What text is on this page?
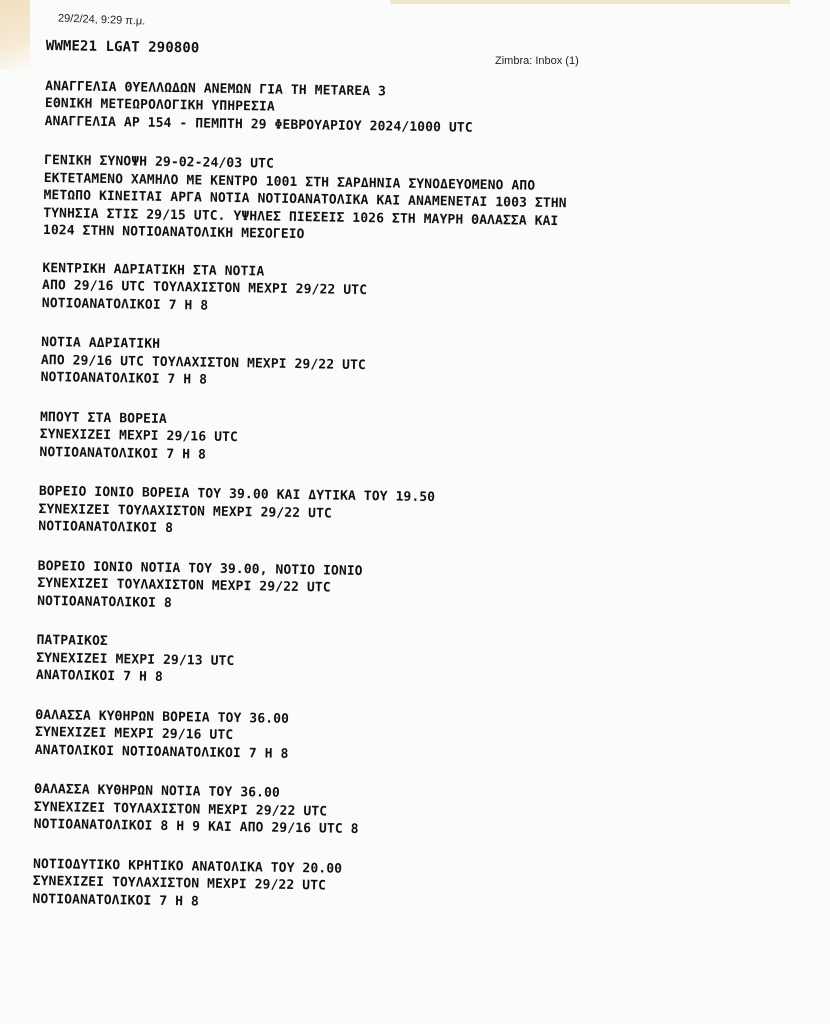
29/2/24, 9:29 π.μ.
Zimbra: Inbox (1)
WWME21 LGAT 290800
ΑΝΑΓΓΕΛΙΑ ΘΥΕΛΛΩΔΩΝ ΑΝΕΜΩΝ ΓΙΑ ΤΗ METAREA 3
ΕΘΝΙΚΗ ΜΕΤΕΩΡΟΛΟΓΙΚΗ ΥΠΗΡΕΣΙΑ
ΑΝΑΓΓΕΛΙΑ ΑΡ 154 - ΠΕΜΠΤΗ 29 ΦΕΒΡΟΥΑΡΙΟΥ 2024/1000 UTC
ΓΕΝΙΚΗ ΣΥΝΟΨΗ 29-02-24/03 UTC
ΕΚΤΕΤΑΜΕΝΟ ΧΑΜΗΛΟ ΜΕ ΚΕΝΤΡΟ 1001 ΣΤΗ ΣΑΡΔΗΝΙΑ ΣΥΝΟΔΕΥΟΜΕΝΟ ΑΠΟ
ΜΕΤΩΠΟ ΚΙΝΕΙΤΑΙ ΑΡΓΑ ΝΟΤΙΑ ΝΟΤΙΟΑΝΑΤΟΛΙΚΑ ΚΑΙ ΑΝΑΜΕΝΕΤΑΙ 1003 ΣΤΗΝ
ΤΥΝΗΣΙΑ ΣΤΙΣ 29/15 UTC. ΥΨΗΛΕΣ ΠΙΕΣΕΙΣ 1026 ΣΤΗ ΜΑΥΡΗ ΘΑΛΑΣΣΑ ΚΑΙ
1024 ΣΤΗΝ ΝΟΤΙΟΑΝΑΤΟΛΙΚΗ ΜΕΣΟΓΕΙΟ
ΚΕΝΤΡΙΚΗ ΑΔΡΙΑΤΙΚΗ ΣΤΑ ΝΟΤΙΑ
ΑΠΟ 29/16 UTC ΤΟΥΛΑΧΙΣΤΟΝ ΜΕΧΡΙ 29/22 UTC
ΝΟΤΙΟΑΝΑΤΟΛΙΚΟΙ 7 Η 8
ΝΟΤΙΑ ΑΔΡΙΑΤΙΚΗ
ΑΠΟ 29/16 UTC ΤΟΥΛΑΧΙΣΤΟΝ ΜΕΧΡΙ 29/22 UTC
ΝΟΤΙΟΑΝΑΤΟΛΙΚΟΙ 7 Η 8
ΜΠΟΥΤ ΣΤΑ ΒΟΡΕΙΑ
ΣΥΝΕΧΙΖΕΙ ΜΕΧΡΙ 29/16 UTC
ΝΟΤΙΟΑΝΑΤΟΛΙΚΟΙ 7 Η 8
ΒΟΡΕΙΟ ΙΟΝΙΟ ΒΟΡΕΙΑ ΤΟΥ 39.00 ΚΑΙ ΔΥΤΙΚΑ ΤΟΥ 19.50
ΣΥΝΕΧΙΖΕΙ ΤΟΥΛΑΧΙΣΤΟΝ ΜΕΧΡΙ 29/22 UTC
ΝΟΤΙΟΑΝΑΤΟΛΙΚΟΙ 8
ΒΟΡΕΙΟ ΙΟΝΙΟ ΝΟΤΙΑ ΤΟΥ 39.00, ΝΟΤΙΟ ΙΟΝΙΟ
ΣΥΝΕΧΙΖΕΙ ΤΟΥΛΑΧΙΣΤΟΝ ΜΕΧΡΙ 29/22 UTC
ΝΟΤΙΟΑΝΑΤΟΛΙΚΟΙ 8
ΠΑΤΡΑΙΚΟΣ
ΣΥΝΕΧΙΖΕΙ ΜΕΧΡΙ 29/13 UTC
ΑΝΑΤΟΛΙΚΟΙ 7 Η 8
ΘΑΛΑΣΣΑ ΚΥΘΗΡΩΝ ΒΟΡΕΙΑ ΤΟΥ 36.00
ΣΥΝΕΧΙΖΕΙ ΜΕΧΡΙ 29/16 UTC
ΑΝΑΤΟΛΙΚΟΙ ΝΟΤΙΟΑΝΑΤΟΛΙΚΟΙ 7 Η 8
ΘΑΛΑΣΣΑ ΚΥΘΗΡΩΝ ΝΟΤΙΑ ΤΟΥ 36.00
ΣΥΝΕΧΙΖΕΙ ΤΟΥΛΑΧΙΣΤΟΝ ΜΕΧΡΙ 29/22 UTC
ΝΟΤΙΟΑΝΑΤΟΛΙΚΟΙ 8 Η 9 ΚΑΙ ΑΠΟ 29/16 UTC 8
ΝΟΤΙΟΔΥΤΙΚΟ ΚΡΗΤΙΚΟ ΑΝΑΤΟΛΙΚΑ ΤΟΥ 20.00
ΣΥΝΕΧΙΖΕΙ ΤΟΥΛΑΧΙΣΤΟΝ ΜΕΧΡΙ 29/22 UTC
ΝΟΤΙΟΑΝΑΤΟΛΙΚΟΙ 7 Η 8
